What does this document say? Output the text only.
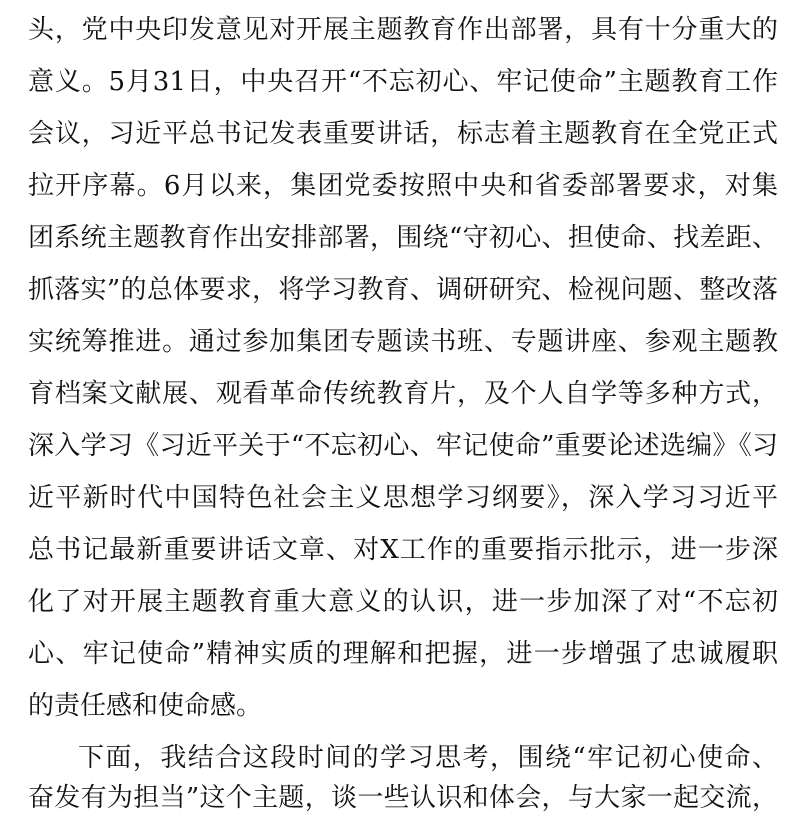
头，党中央印发意见对开展主题教育作出部署，具有十分重大的
意义。5月31日，中央召开“不忘初心、牢记使命”主题教育工作
会议，习近平总书记发表重要讲话，标志着主题教育在全党正式
拉开序幕。6月以来，集团党委按照中央和省委部署要求，对集
团系统主题教育作出安排部署，围绕“守初心、担使命、找差距、
抓落实”的总体要求，将学习教育、调研研究、检视问题、整改落
实统筹推进。通过参加集团专题读书班、专题讲座、参观主题教
育档案文献展、观看革命传统教育片，及个人自学等多种方式，
深入学习《习近平关于“不忘初心、牢记使命”重要论述选编》《习
近平新时代中国特色社会主义思想学习纲要》，深入学习习近平
总书记最新重要讲话文章、对X工作的重要指示批示，进一步深
化了对开展主题教育重大意义的认识，进一步加深了对“不忘初
心、牢记使命”精神实质的理解和把握，进一步增强了忠诚履职
的责任感和使命感。
下面，我结合这段时间的学习思考，围绕“牢记初心使命、
奋发有为担当”这个主题，谈一些认识和体会，与大家一起交流，
